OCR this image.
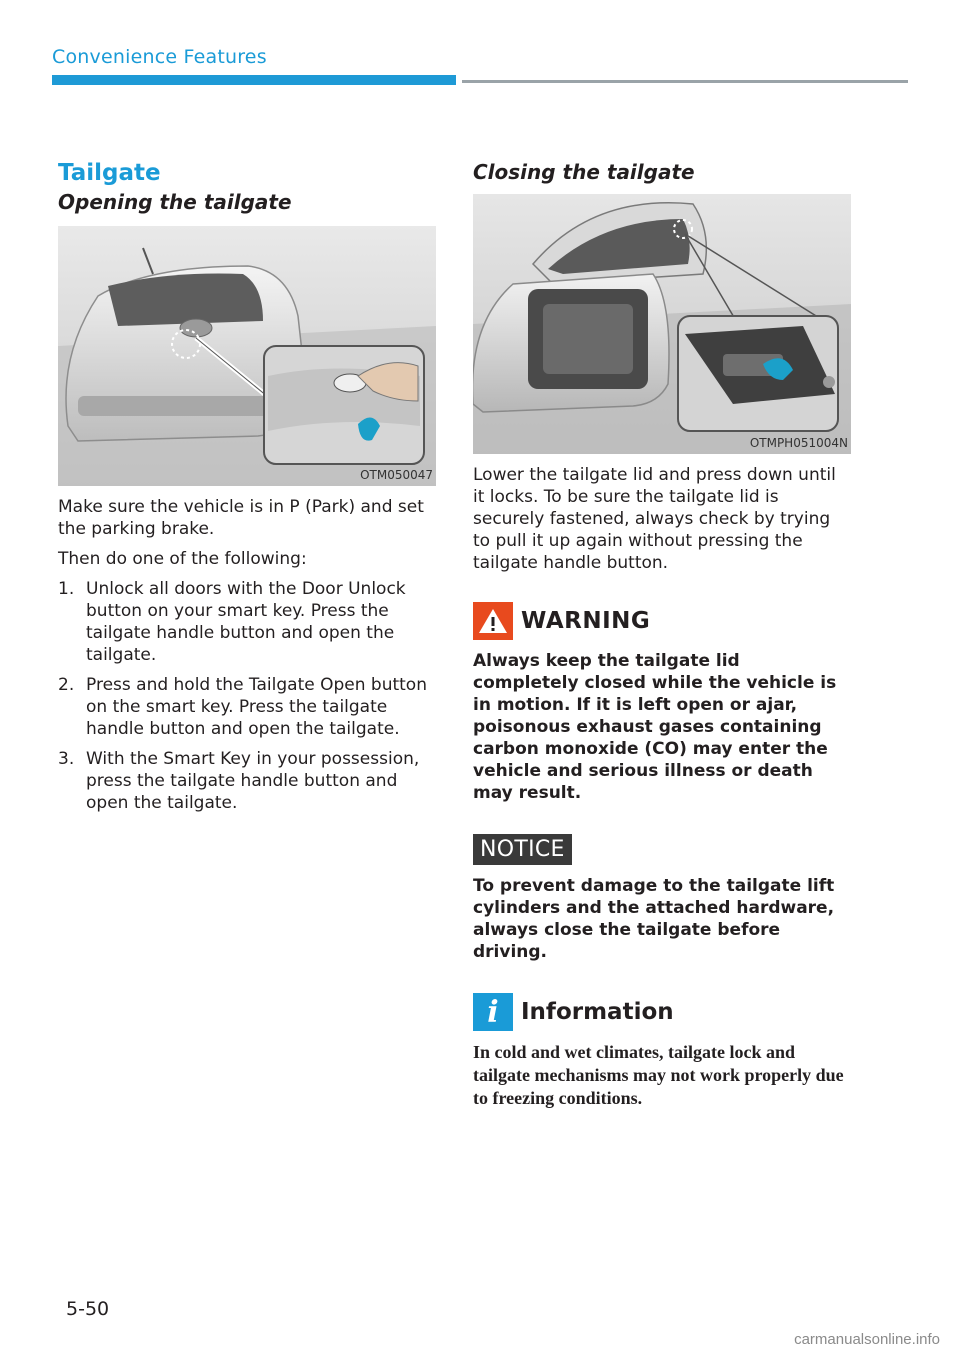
Convenience Features
Tailgate
Opening the tailgate
OTM050047

Make sure the vehicle is in P (Park) and set the parking brake.

Then do one of the following:

1. Unlock all doors with the Door Unlock button on your smart key. Press the tailgate handle button and open the tailgate.
2. Press and hold the Tailgate Open button on the smart key. Press the tailgate handle button and open the tailgate.
3. With the Smart Key in your possession, press the tailgate handle button and open the tailgate.
Closing the tailgate
OTMPH051004N

Lower the tailgate lid and press down until it locks. To be sure the tailgate lid is securely fastened, always check by trying to pull it up again without pressing the tailgate handle button.

WARNING
Always keep the tailgate lid completely closed while the vehicle is in motion. If it is left open or ajar, poisonous exhaust gases containing carbon monoxide (CO) may enter the vehicle and serious illness or death may result.
NOTICE
To prevent damage to the tailgate lift cylinders and the attached hardware, always close the tailgate before driving.
i Information
In cold and wet climates, tailgate lock and tailgate mechanisms may not work properly due to freezing conditions.
5-50
carmanualsonline.info
